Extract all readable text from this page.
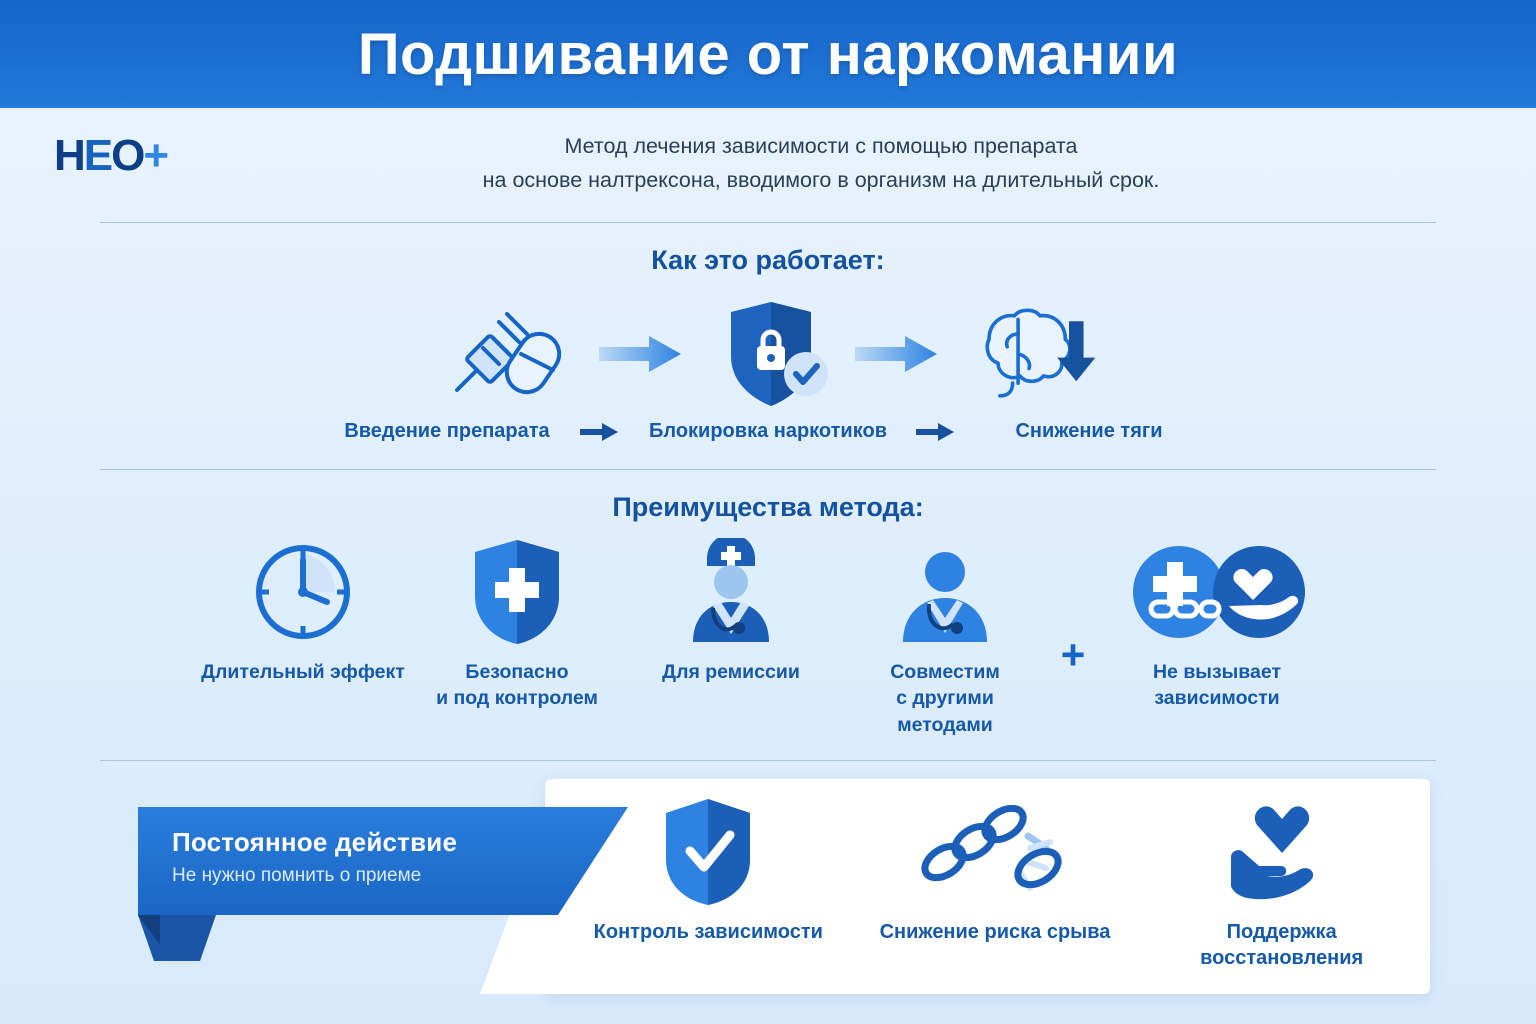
Подшивание от наркомании
НЕО+	Метод лечения зависимости с помощью препарата
на основе налтрексона, вводимого в организм на длительный срок.
Как это работает:
Введение препарата	Блокировка наркотиков	Снижение тяги
Преимущества метода:
Длительный эффект	Безопасно
и под контролем
Для ремиссии	Совместим
с другими
методами
+	Не вызывает
зависимости
Контроль зависимости	Снижение риска срыва	Поддержка
восстановления
Постоянное действие
Не нужно помнить о приеме
